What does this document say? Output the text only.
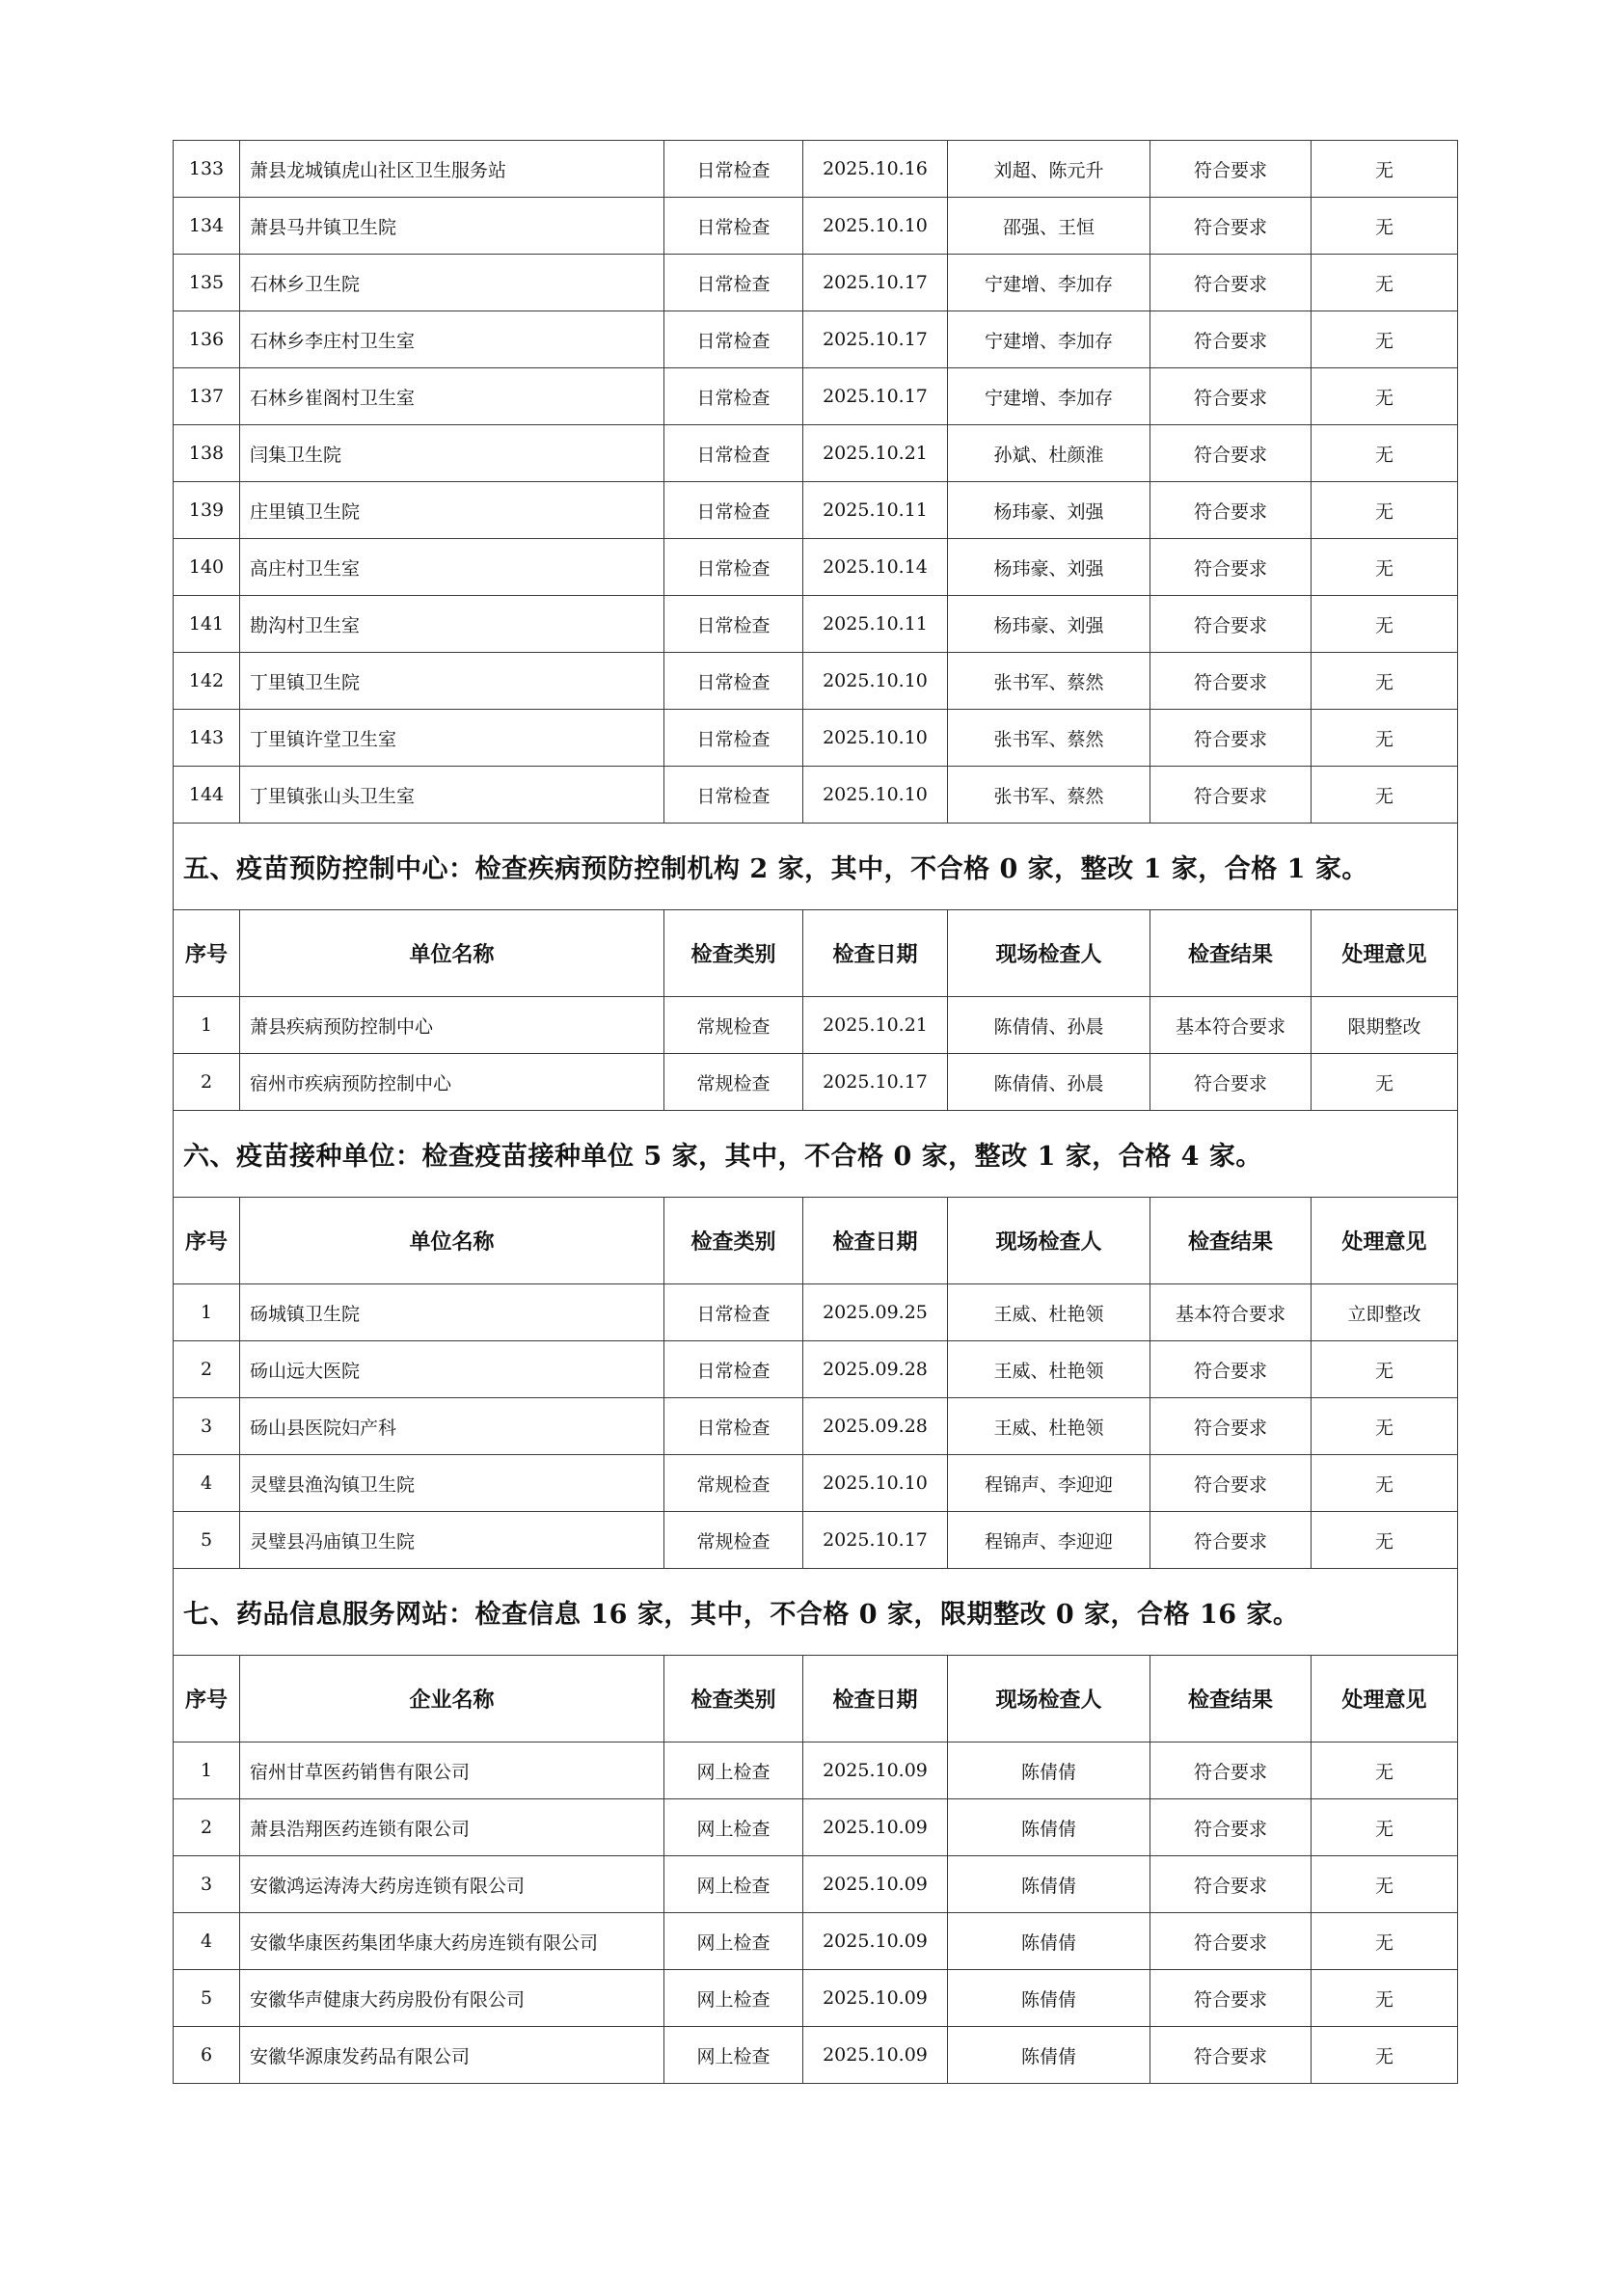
133	萧县龙城镇虎山社区卫生服务站	日常检查	2025.10.16	刘超、陈元升	符合要求	无
134	萧县马井镇卫生院	日常检查	2025.10.10	邵强、王恒	符合要求	无
135	石林乡卫生院	日常检查	2025.10.17	宁建增、李加存	符合要求	无
136	石林乡李庄村卫生室	日常检查	2025.10.17	宁建增、李加存	符合要求	无
137	石林乡崔阁村卫生室	日常检查	2025.10.17	宁建增、李加存	符合要求	无
138	闫集卫生院	日常检查	2025.10.21	孙斌、杜颜淮	符合要求	无
139	庄里镇卫生院	日常检查	2025.10.11	杨玮豪、刘强	符合要求	无
140	高庄村卫生室	日常检查	2025.10.14	杨玮豪、刘强	符合要求	无
141	勘沟村卫生室	日常检查	2025.10.11	杨玮豪、刘强	符合要求	无
142	丁里镇卫生院	日常检查	2025.10.10	张书军、蔡然	符合要求	无
143	丁里镇许堂卫生室	日常检查	2025.10.10	张书军、蔡然	符合要求	无
144	丁里镇张山头卫生室	日常检查	2025.10.10	张书军、蔡然	符合要求	无
五、疫苗预防控制中心：检查疾病预防控制机构 2 家，其中，不合格 0 家，整改 1 家，合格 1 家。						
序号	单位名称	检查类别	检查日期	现场检查人	检查结果	处理意见
1	萧县疾病预防控制中心	常规检查	2025.10.21	陈倩倩、孙晨	基本符合要求	限期整改
2	宿州市疾病预防控制中心	常规检查	2025.10.17	陈倩倩、孙晨	符合要求	无
六、疫苗接种单位：检查疫苗接种单位 5 家，其中，不合格 0 家，整改 1 家，合格 4 家。						
序号	单位名称	检查类别	检查日期	现场检查人	检查结果	处理意见
1	砀城镇卫生院	日常检查	2025.09.25	王威、杜艳领	基本符合要求	立即整改
2	砀山远大医院	日常检查	2025.09.28	王威、杜艳领	符合要求	无
3	砀山县医院妇产科	日常检查	2025.09.28	王威、杜艳领	符合要求	无
4	灵璧县渔沟镇卫生院	常规检查	2025.10.10	程锦声、李迎迎	符合要求	无
5	灵璧县冯庙镇卫生院	常规检查	2025.10.17	程锦声、李迎迎	符合要求	无
七、药品信息服务网站：检查信息 16 家，其中，不合格 0 家，限期整改 0 家，合格 16 家。						
序号	企业名称	检查类别	检查日期	现场检查人	检查结果	处理意见
1	宿州甘草医药销售有限公司	网上检查	2025.10.09	陈倩倩	符合要求	无
2	萧县浩翔医药连锁有限公司	网上检查	2025.10.09	陈倩倩	符合要求	无
3	安徽鸿运涛涛大药房连锁有限公司	网上检查	2025.10.09	陈倩倩	符合要求	无
4	安徽华康医药集团华康大药房连锁有限公司	网上检查	2025.10.09	陈倩倩	符合要求	无
5	安徽华声健康大药房股份有限公司	网上检查	2025.10.09	陈倩倩	符合要求	无
6	安徽华源康发药品有限公司	网上检查	2025.10.09	陈倩倩	符合要求	无
